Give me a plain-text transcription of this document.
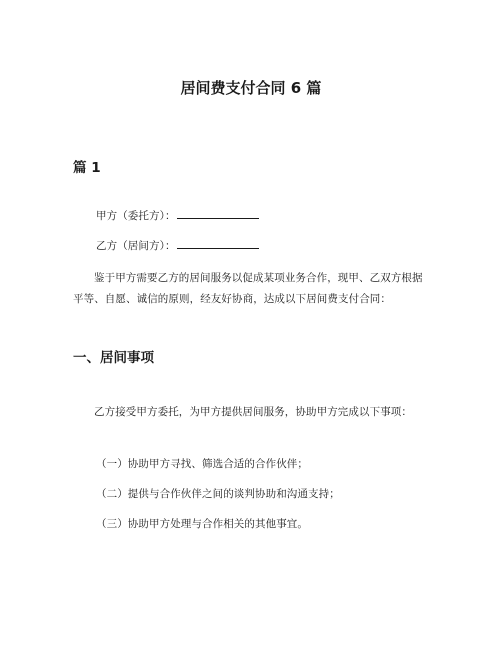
居间费支付合同 6 篇
篇 1
甲方（委托方）：
乙方（居间方）：
鉴于甲方需要乙方的居间服务以促成某项业务合作，现甲、乙双方根据平等、自愿、诚信的原则，经友好协商，达成以下居间费支付合同：
一、居间事项
乙方接受甲方委托，为甲方提供居间服务，协助甲方完成以下事项：
（一）协助甲方寻找、筛选合适的合作伙伴；
（二）提供与合作伙伴之间的谈判协助和沟通支持；
（三）协助甲方处理与合作相关的其他事宜。
